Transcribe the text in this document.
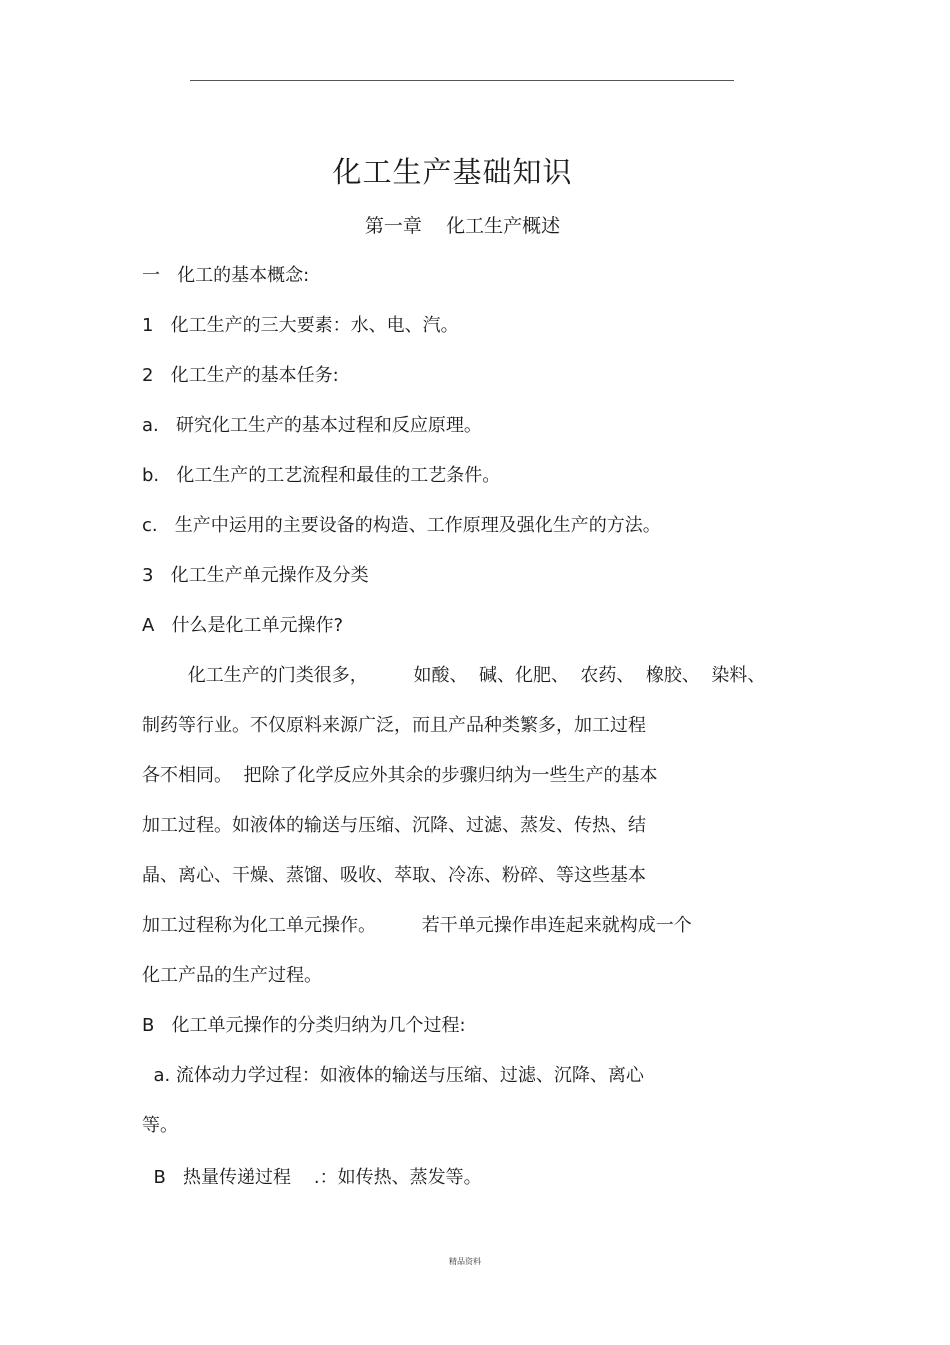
化工生产基础知识
第一章    化工生产概述
一   化工的基本概念:
1   化工生产的三大要素：水、电、汽。
2   化工生产的基本任务:
a.   研究化工生产的基本过程和反应原理。
b.   化工生产的工艺流程和最佳的工艺条件。
c.   生产中运用的主要设备的构造、工作原理及强化生产的方法。
3   化工生产单元操作及分类
A   什么是化工单元操作?
化工生产的门类很多，        如酸、  碱、化肥、  农药、  橡胶、  染料、
制药等行业。不仅原料来源广泛，而且产品种类繁多，加工过程
各不相同。  把除了化学反应外其余的步骤归纳为一些生产的基本
加工过程。如液体的输送与压缩、沉降、过滤、蒸发、传热、结
晶、离心、干燥、蒸馏、吸收、萃取、冷冻、粉碎、等这些基本
加工过程称为化工单元操作。        若干单元操作串连起来就构成一个
化工产品的生产过程。
B   化工单元操作的分类归纳为几个过程:
a. 流体动力学过程：如液体的输送与压缩、过滤、沉降、离心
等。
B   热量传递过程    .：如传热、蒸发等。
精品资料
